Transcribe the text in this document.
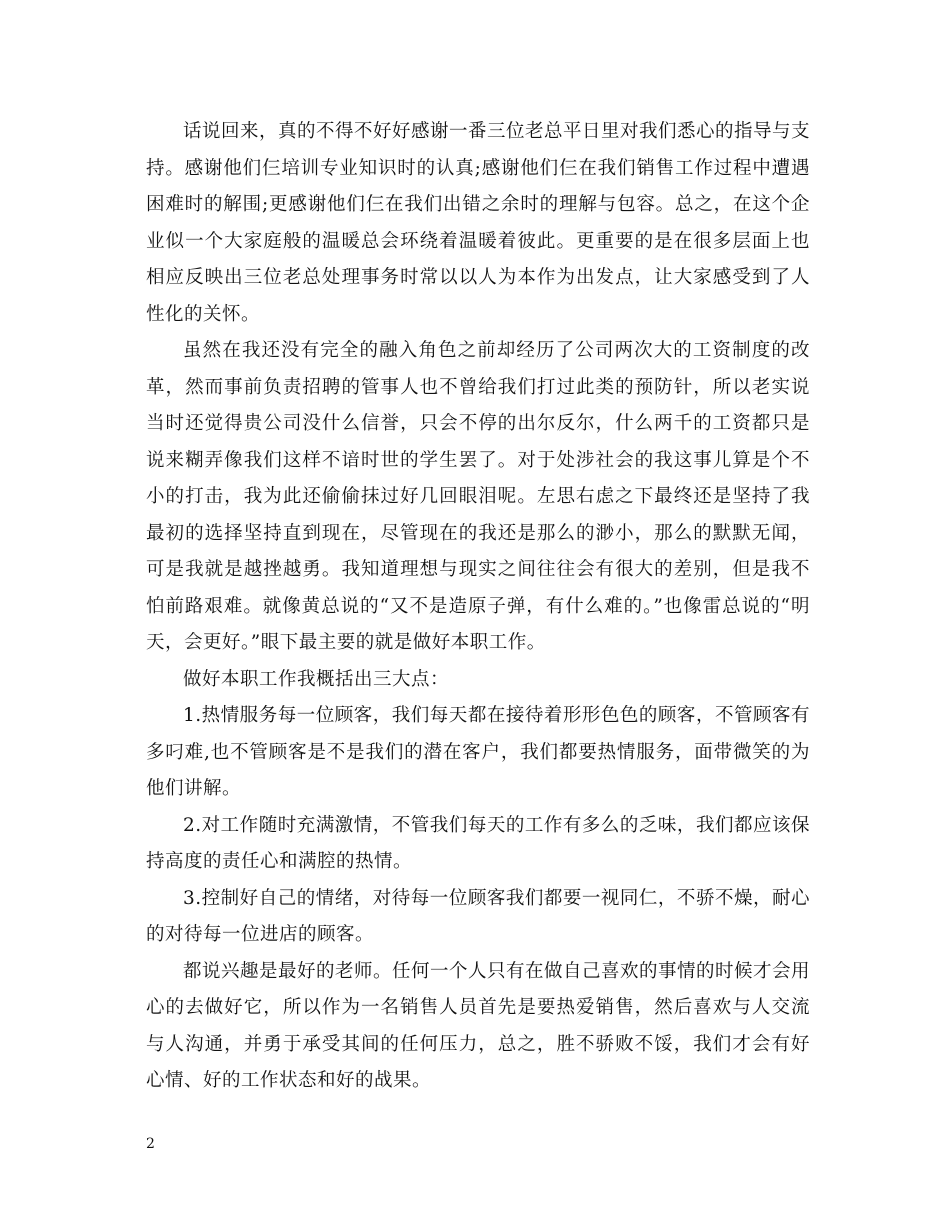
话说回来，真的不得不好好感谢一番三位老总平日里对我们悉心的指导与支持。感谢他们仨培训专业知识时的认真;感谢他们仨在我们销售工作过程中遭遇困难时的解围;更感谢他们仨在我们出错之余时的理解与包容。总之，在这个企业似一个大家庭般的温暖总会环绕着温暖着彼此。更重要的是在很多层面上也相应反映出三位老总处理事务时常以以人为本作为出发点，让大家感受到了人性化的关怀。

虽然在我还没有完全的融入角色之前却经历了公司两次大的工资制度的改革，然而事前负责招聘的管事人也不曾给我们打过此类的预防针，所以老实说当时还觉得贵公司没什么信誉，只会不停的出尔反尔，什么两千的工资都只是说来糊弄像我们这样不谙时世的学生罢了。对于处涉社会的我这事儿算是个不小的打击，我为此还偷偷抹过好几回眼泪呢。左思右虑之下最终还是坚持了我最初的选择坚持直到现在，尽管现在的我还是那么的渺小，那么的默默无闻，可是我就是越挫越勇。我知道理想与现实之间往往会有很大的差别，但是我不怕前路艰难。就像黄总说的“又不是造原子弹，有什么难的。”也像雷总说的“明天，会更好。”眼下最主要的就是做好本职工作。

做好本职工作我概括出三大点：

1.热情服务每一位顾客，我们每天都在接待着形形色色的顾客，不管顾客有多叼难,也不管顾客是不是我们的潜在客户，我们都要热情服务，面带微笑的为他们讲解。

2.对工作随时充满激情，不管我们每天的工作有多么的乏味，我们都应该保持高度的责任心和满腔的热情。

3.控制好自己的情绪，对待每一位顾客我们都要一视同仁，不骄不燥，耐心的对待每一位进店的顾客。

都说兴趣是最好的老师。任何一个人只有在做自己喜欢的事情的时候才会用心的去做好它，所以作为一名销售人员首先是要热爱销售，然后喜欢与人交流与人沟通，并勇于承受其间的任何压力，总之，胜不骄败不馁，我们才会有好心情、好的工作状态和好的战果。

2
